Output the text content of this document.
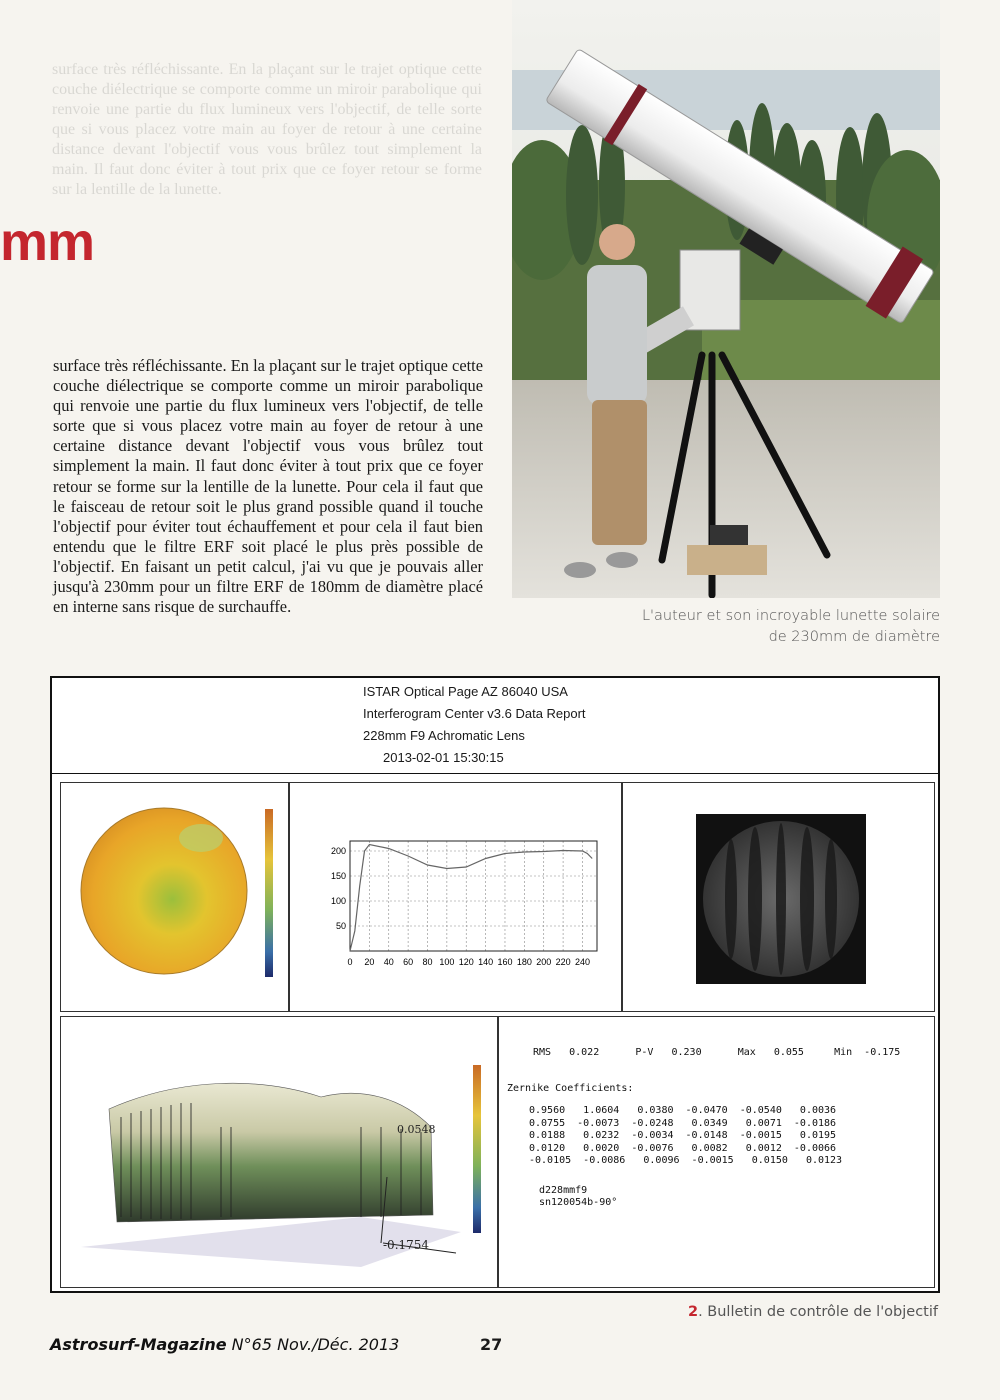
surface très réfléchissante. En la plaçant sur le trajet optique cette couche diélectrique se comporte comme un miroir parabolique qui renvoie une partie du flux lumineux vers l'objectif, de telle sorte que si vous placez votre main au foyer de retour à une certaine distance devant l'objectif vous vous brûlez tout simplement la main. Il faut donc éviter à tout prix que ce foyer retour se forme sur la lentille de la lunette.
mm
surface très réfléchissante. En la plaçant sur le trajet optique cette couche diélectrique se comporte comme un miroir parabolique qui renvoie une partie du flux lumineux vers l'objectif, de telle sorte que si vous placez votre main au foyer de retour à une certaine distance devant l'objectif vous vous brûlez tout simplement la main. Il faut donc éviter à tout prix que ce foyer retour se forme sur la lentille de la lunette. Pour cela il faut que le faisceau de retour soit le plus grand possible quand il touche l'objectif pour éviter tout échauffement et pour cela il faut bien entendu que le filtre ERF soit placé le plus près possible de l'objectif. En faisant un petit calcul, j'ai vu que je pouvais aller jusqu'à 230mm pour un filtre ERF de 180mm de diamètre placé en interne sans risque de surchauffe.	L'auteur et son incroyable lunette solaire
de 230mm de diamètre
ISTAR Optical Page AZ 86040 USA
Interferogram Center v3.6 Data Report
228mm F9 Achromatic Lens
2013-02-01 15:30:15
50
100
150
200
0 20 40 60 80 100 120 140 160 180 200 220 240
0.0548
-0.1754
RMS 0.022	P-V 0.230	Max 0.055	Min -0.175
Zernike Coefficients:
0.9560   1.0604   0.0380  -0.0470  -0.0540   0.0036
0.0755  -0.0073  -0.0248   0.0349   0.0071  -0.0186
0.0188   0.0232  -0.0034  -0.0148  -0.0015   0.0195
0.0120   0.0020  -0.0076   0.0082   0.0012  -0.0066
-0.0105  -0.0086   0.0096  -0.0015   0.0150   0.0123
d228mmf9
sn120054b-90°
2. Bulletin de contrôle de l'objectif
Astrosurf-Magazine N°65 Nov./Déc. 2013	27
